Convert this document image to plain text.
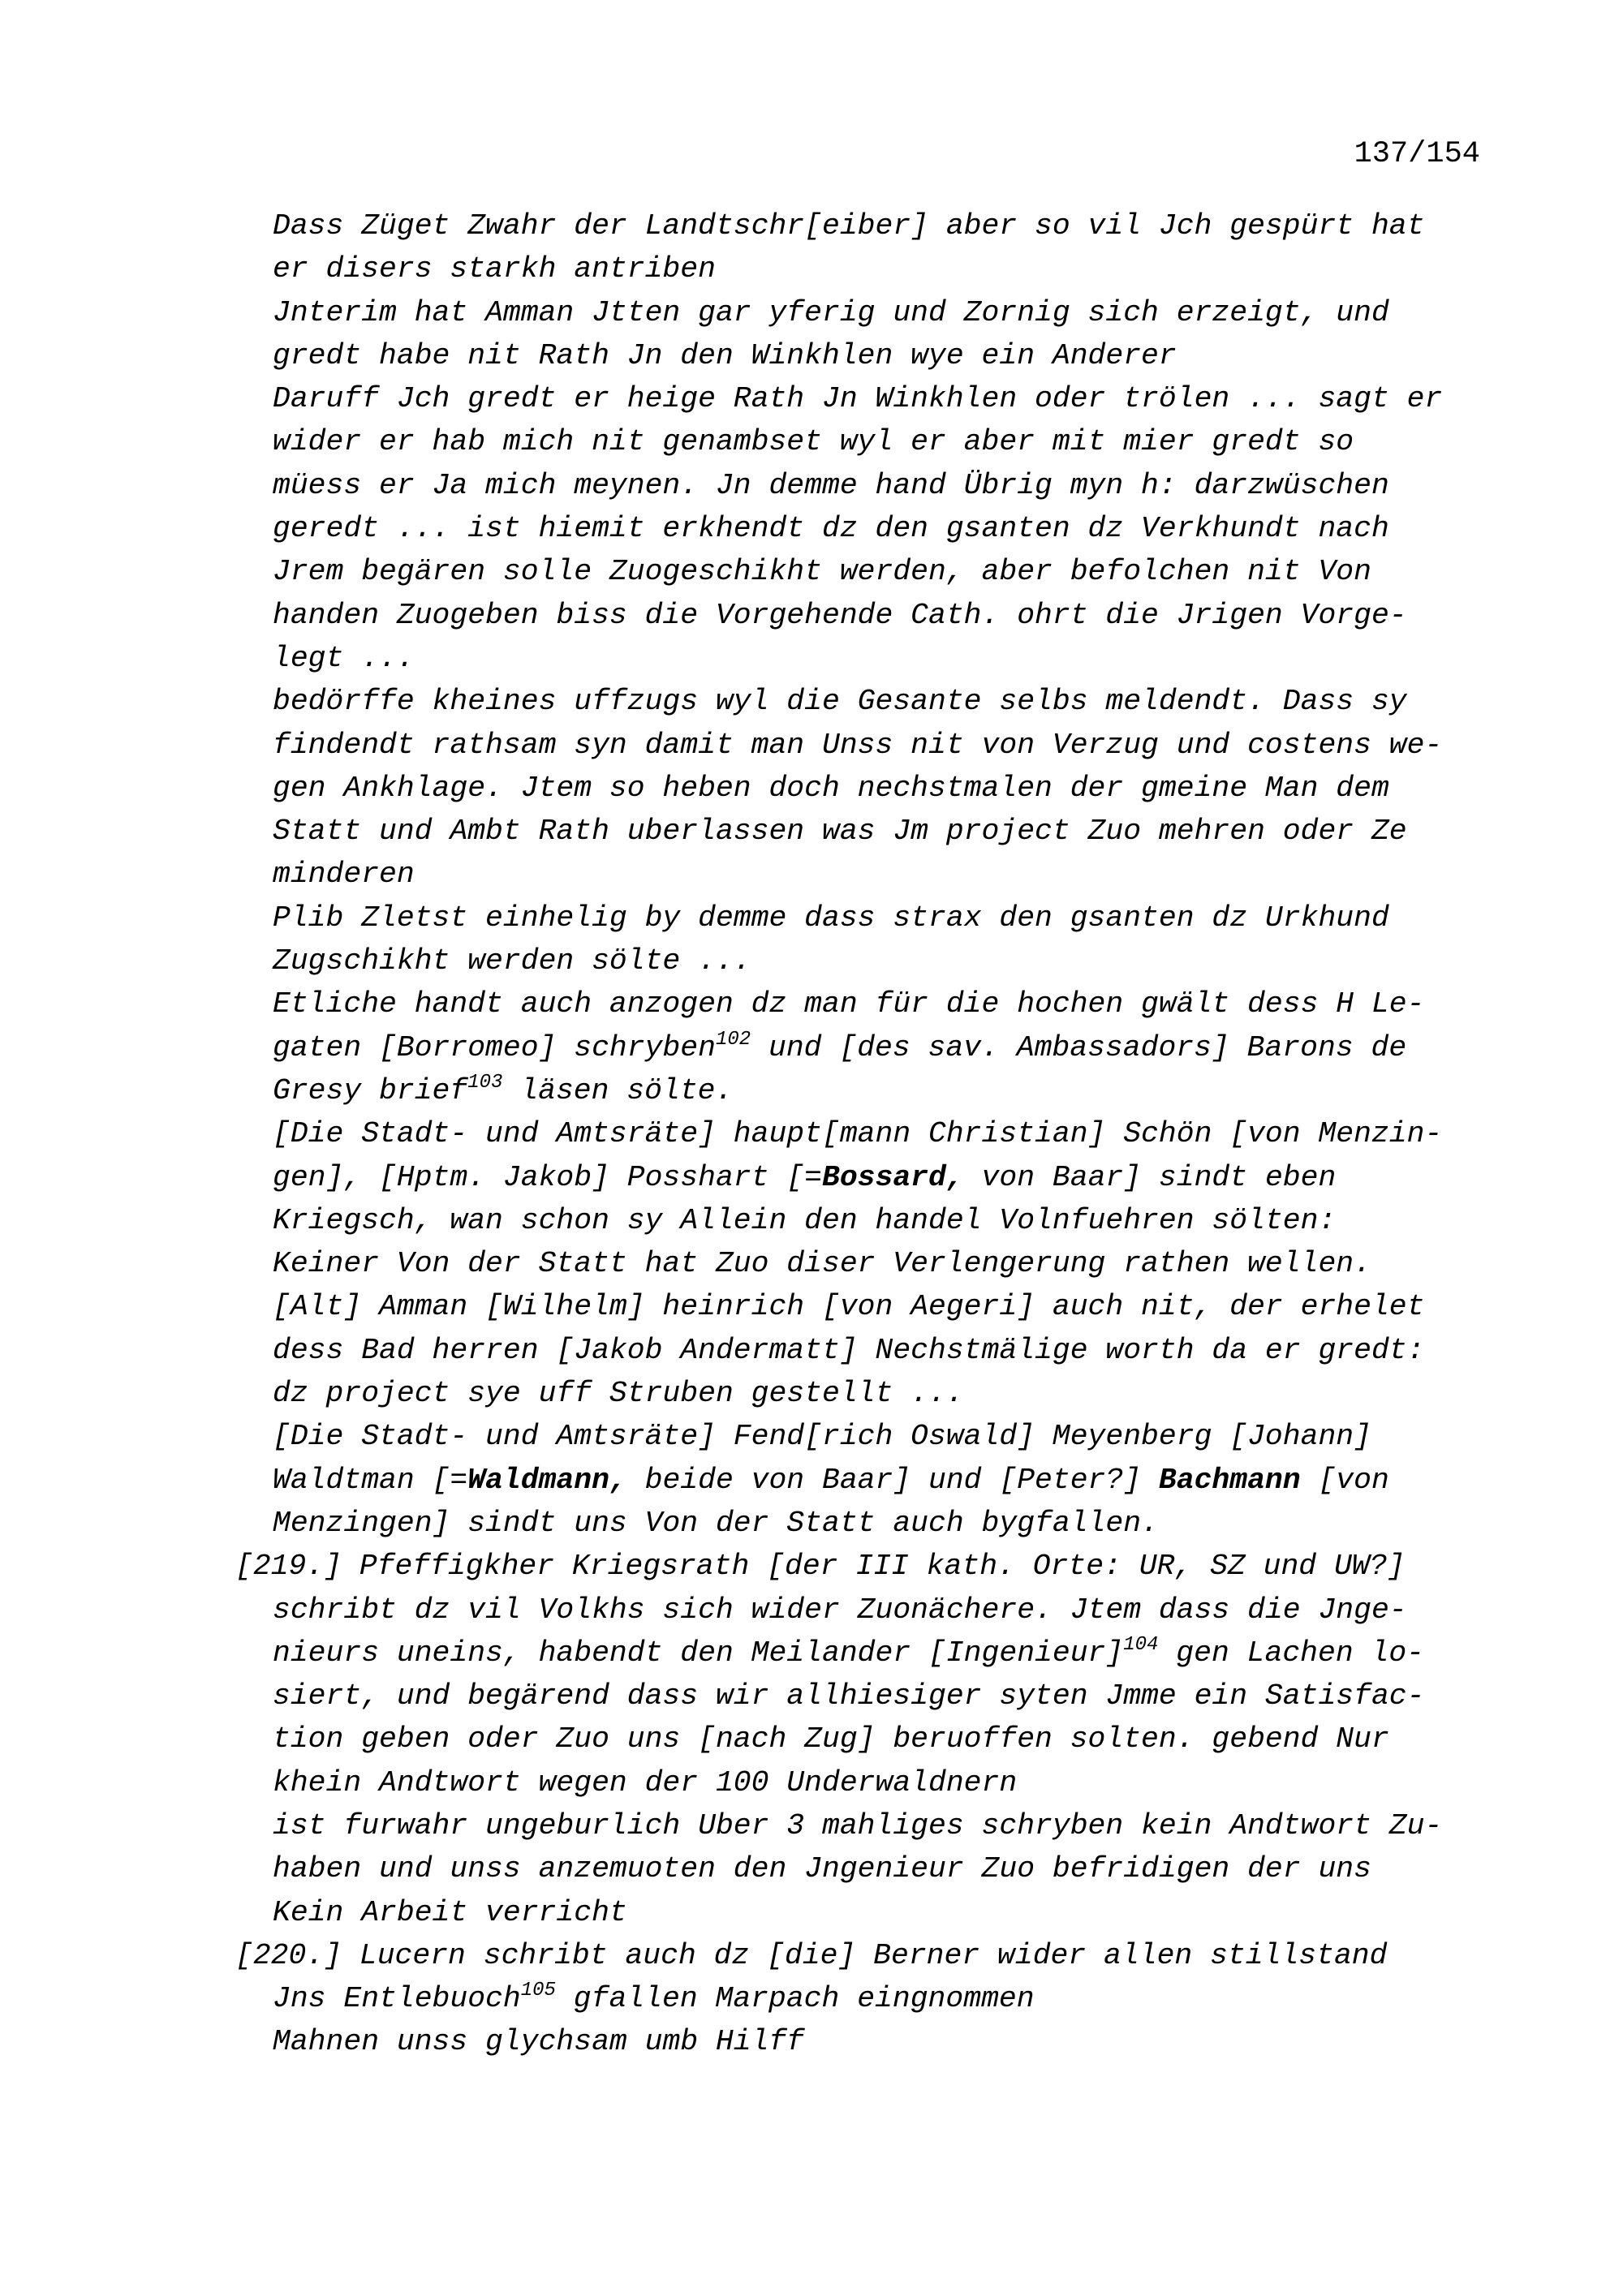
137/154
Dass Züget Zwahr der Landtschr[eiber] aber so vil Jch gespürt hat
er disers starkh antriben
Jnterim hat Amman Jtten gar yferig und Zornig sich erzeigt, und
gredt habe nit Rath Jn den Winkhlen wye ein Anderer
Daruff Jch gredt er heige Rath Jn Winkhlen oder trölen ... sagt er
wider er hab mich nit genambset wyl er aber mit mier gredt so
müess er Ja mich meynen. Jn demme hand Übrig myn h: darzwüschen
geredt ... ist hiemit erkhendt dz den gsanten dz Verkhundt nach
Jrem begären solle Zuogeschikht werden, aber befolchen nit Von
handen Zuogeben biss die Vorgehende Cath. ohrt die Jrigen Vorge-
legt ...
bedörffe kheines uffzugs wyl die Gesante selbs meldendt. Dass sy
findendt rathsam syn damit man Unss nit von Verzug und costens we-
gen Ankhlage. Jtem so heben doch nechstmalen der gmeine Man dem
Statt und Ambt Rath uberlassen was Jm project Zuo mehren oder Ze
minderen
Plib Zletst einhelig by demme dass strax den gsanten dz Urkhund
Zugschikht werden sölte ...
Etliche handt auch anzogen dz man für die hochen gwält dess H Le-
gaten [Borromeo] schryben$^{102}$ und [des sav. Ambassadors] Barons de
Gresy brief$^{103}$ läsen sölte.
[Die Stadt- und Amtsräte] haupt[mann Christian] Schön [von Menzin-
gen], [Hptm. Jakob] Posshart [=Bossard, von Baar] sindt eben
Kriegsch, wan schon sy Allein den handel Volnfuehren sölten:
Keiner Von der Statt hat Zuo diser Verlengerung rathen wellen.
[Alt] Amman [Wilhelm] heinrich [von Aegeri] auch nit, der erhelet
dess Bad herren [Jakob Andermatt] Nechstmälige worth da er gredt:
dz project sye uff Struben gestellt ...
[Die Stadt- und Amtsräte] Fend[rich Oswald] Meyenberg [Johann]
Waldtman [=Waldmann, beide von Baar] und [Peter?] Bachmann [von
Menzingen] sindt uns Von der Statt auch bygfallen.
[219.] Pfeffigkher Kriegsrath [der III kath. Orte: UR, SZ und UW?]
schribt dz vil Volkhs sich wider Zuonächere. Jtem dass die Jnge-
nieurs uneins, habendt den Meilander [Ingenieur]$^{104}$ gen Lachen lo-
siert, und begärend dass wir allhiesiger syten Jmme ein Satisfac-
tion geben oder Zuo uns [nach Zug] beruoffen solten. gebend Nur
khein Andtwort wegen der 100 Underwaldnern
ist furwahr ungeburlich Uber 3 mahliges schryben kein Andtwort Zu-
haben und unss anzemuoten den Jngenieur Zuo befridigen der uns
Kein Arbeit verricht
[220.] Lucern schribt auch dz [die] Berner wider allen stillstand
Jns Entlebuoch$^{105}$ gfallen Marpach eingnommen
Mahnen unss glychsam umb Hilff
